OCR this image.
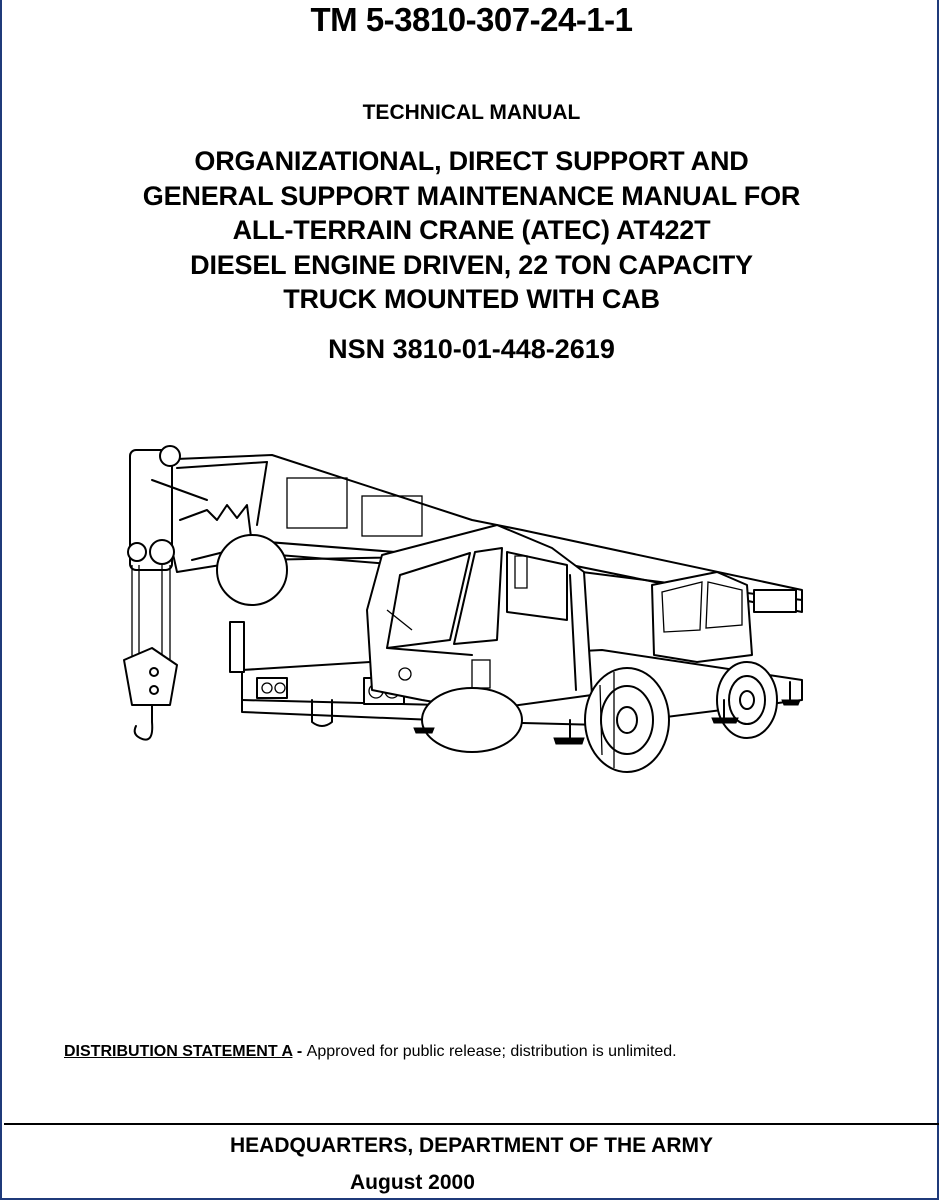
TM 5-3810-307-24-1-1
TECHNICAL MANUAL
ORGANIZATIONAL, DIRECT SUPPORT AND
GENERAL SUPPORT MAINTENANCE MANUAL FOR
ALL-TERRAIN CRANE (ATEC) AT422T
DIESEL ENGINE DRIVEN, 22 TON CAPACITY
TRUCK MOUNTED WITH CAB
NSN 3810-01-448-2619
DISTRIBUTION STATEMENT A - Approved for public release; distribution is unlimited.
HEADQUARTERS, DEPARTMENT OF THE ARMY
August 2000
